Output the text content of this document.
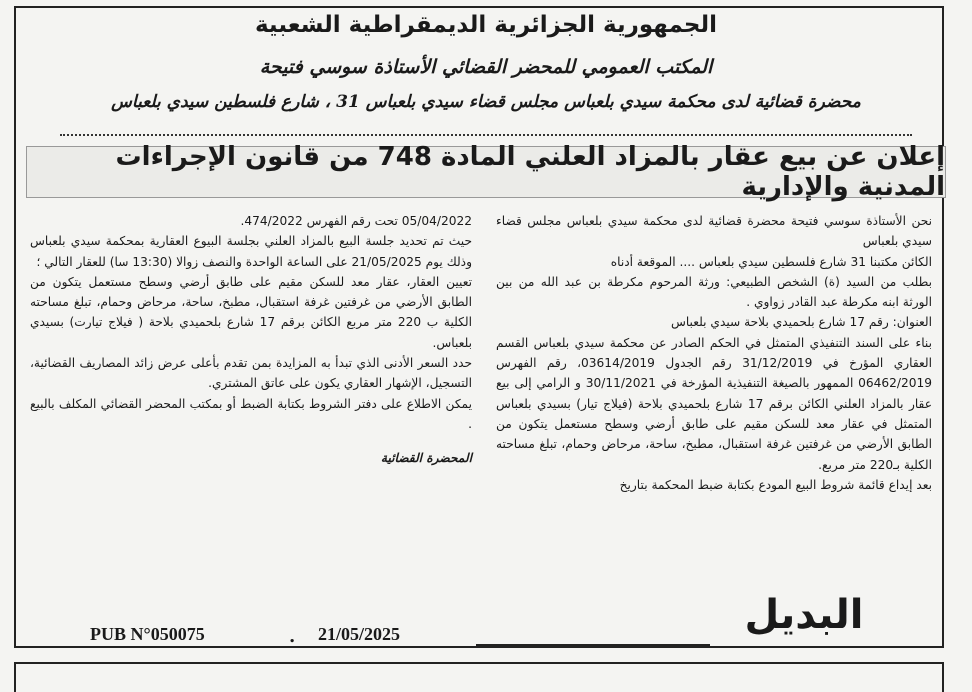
الجمهورية الجزائرية الديمقراطية الشعبية
المكتب العمومي للمحضر القضائي الأستاذة سوسي فتيحة
محضرة قضائية لدى محكمة سيدي بلعباس مجلس قضاء سيدي بلعباس 31 ، شارع فلسطين سيدي بلعباس
إعلان عن بيع عقار بالمزاد العلني المادة 748 من قانون الإجراءات المدنية والإدارية

نحن الأستاذة سوسي فتيحة محضرة قضائية لدى محكمة سيدي بلعباس مجلس قضاء سيدي بلعباس

الكائن مكتبنا 31 شارع فلسطين سيدي بلعباس .... الموقعة أدناه

بطلب من السيد (ة) الشخص الطبيعي: ورثة المرحوم مكرطة بن عبد الله من بين الورثة ابنه مكرطة عبد القادر زواوي .

العنوان: رقم 17 شارع بلحميدي بلاحة سيدي بلعباس

بناء على السند التنفيذي المتمثل في الحكم الصادر عن محكمة سيدي بلعباس القسم العقاري المؤرخ في 31/12/2019 رقم الجدول 03614/2019، رقم الفهرس 06462/2019 الممهور بالصيغة التنفيذية المؤرخة في 30/11/2021 و الرامي إلى بيع عقار بالمزاد العلني الكائن برقم 17 شارع بلحميدي بلاحة (فيلاج تيار) بسيدي بلعباس المتمثل في عقار معد للسكن مقيم على طابق أرضي وسطح مستعمل يتكون من الطابق الأرضي من غرفتين غرفة استقبال، مطبخ، ساحة، مرحاض وحمام، تبلغ مساحته الكلية بـ220 متر مربع.

بعد إيداع قائمة شروط البيع المودع بكتابة ضبط المحكمة بتاريخ

05/04/2022 تحت رقم الفهرس 474/2022.

حيث تم تحديد جلسة البيع بالمزاد العلني بجلسة البيوع العقارية بمحكمة سيدي بلعباس وذلك يوم 21/05/2025 على الساعة الواحدة والنصف زوالا (13:30 سا) للعقار التالي ؛

تعيين العقار، عقار معد للسكن مقيم على طابق أرضي وسطح مستعمل يتكون من الطابق الأرضي من غرفتين غرفة استقبال، مطبخ، ساحة، مرحاض وحمام، تبلغ مساحته الكلية ب 220 متر مربع الكائن برقم 17 شارع بلحميدي بلاحة ( فيلاج تيارت) بسيدي بلعباس.

حدد السعر الأدنى الذي تبدأ به المزايدة بمن تقدم بأعلى عرض زائد المصاريف القضائية، التسجيل، الإشهار العقاري يكون على عاتق المشتري.

يمكن الاطلاع على دفتر الشروط بكتابة الضبط أو بمكتب المحضر القضائي المكلف بالبيع .

المحضرة القضائية

البديل
PUB N°050075	. 21/05/2025
